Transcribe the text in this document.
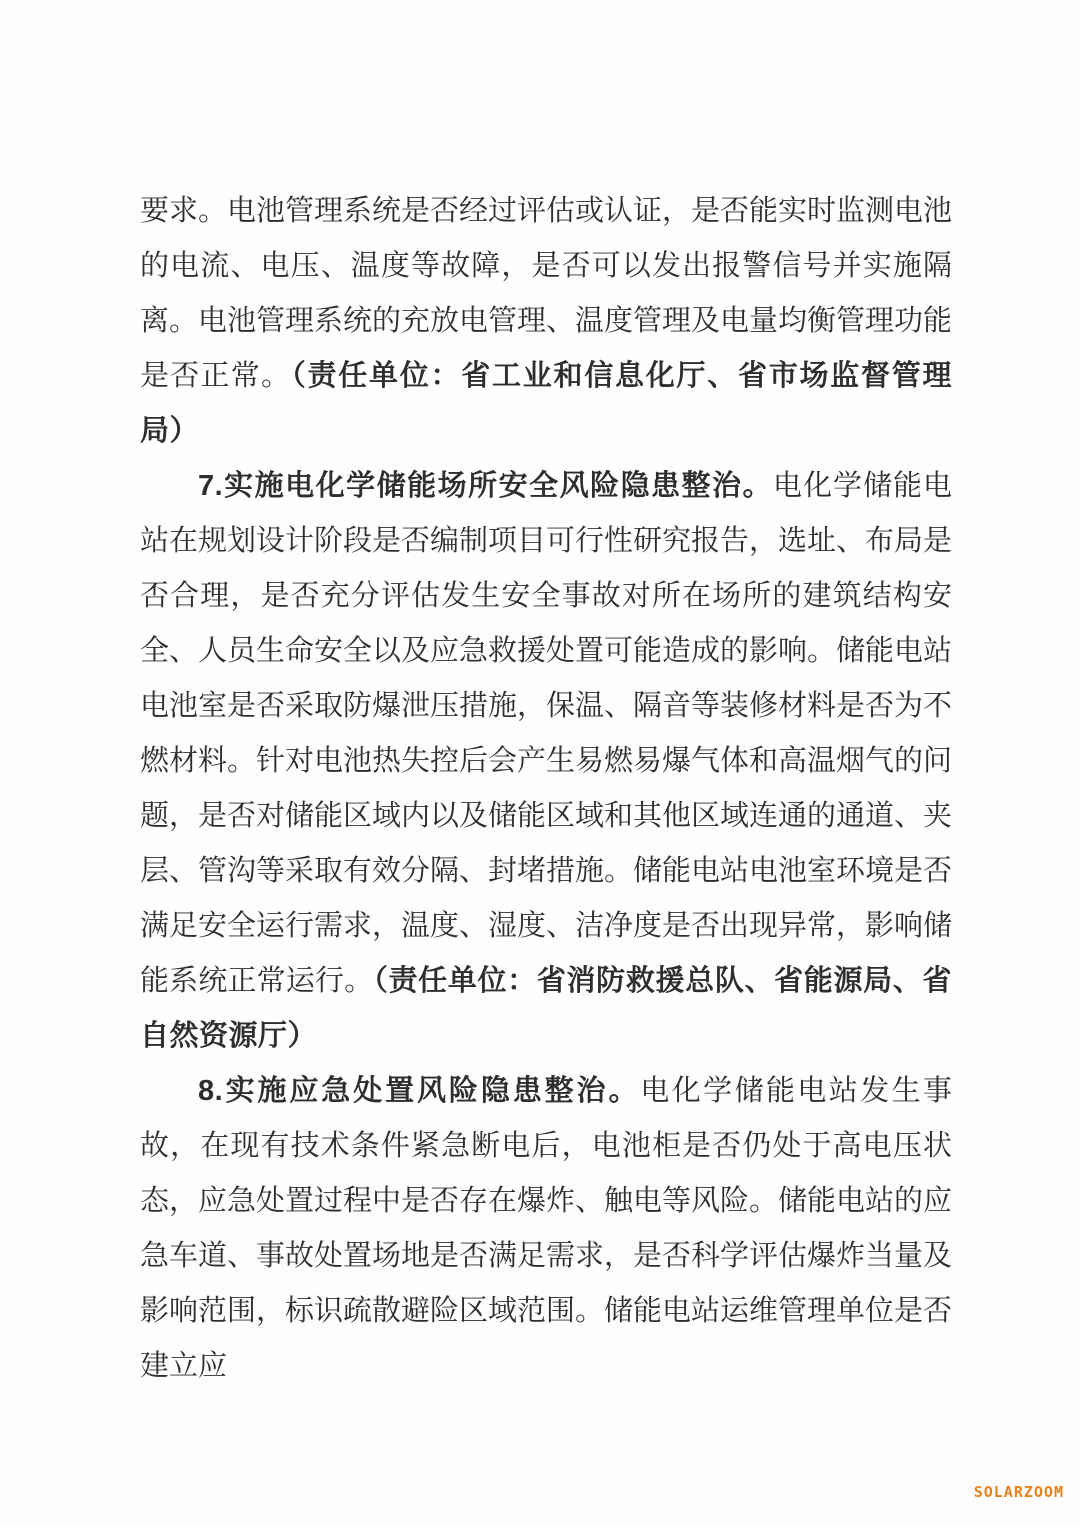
要求。电池管理系统是否经过评估或认证，是否能实时监测电池的电流、电压、温度等故障，是否可以发出报警信号并实施隔离。电池管理系统的充放电管理、温度管理及电量均衡管理功能是否正常。（责任单位：省工业和信息化厅、省市场监督管理局）

7.实施电化学储能场所安全风险隐患整治。电化学储能电站在规划设计阶段是否编制项目可行性研究报告，选址、布局是否合理，是否充分评估发生安全事故对所在场所的建筑结构安全、人员生命安全以及应急救援处置可能造成的影响。储能电站电池室是否采取防爆泄压措施，保温、隔音等装修材料是否为不燃材料。针对电池热失控后会产生易燃易爆气体和高温烟气的问题，是否对储能区域内以及储能区域和其他区域连通的通道、夹层、管沟等采取有效分隔、封堵措施。储能电站电池室环境是否满足安全运行需求，温度、湿度、洁净度是否出现异常，影响储能系统正常运行。（责任单位：省消防救援总队、省能源局、省自然资源厅）

8.实施应急处置风险隐患整治。电化学储能电站发生事故，在现有技术条件紧急断电后，电池柜是否仍处于高电压状态，应急处置过程中是否存在爆炸、触电等风险。储能电站的应急车道、事故处置场地是否满足需求，是否科学评估爆炸当量及影响范围，标识疏散避险区域范围。储能电站运维管理单位是否建立应

SOLARZOOM
